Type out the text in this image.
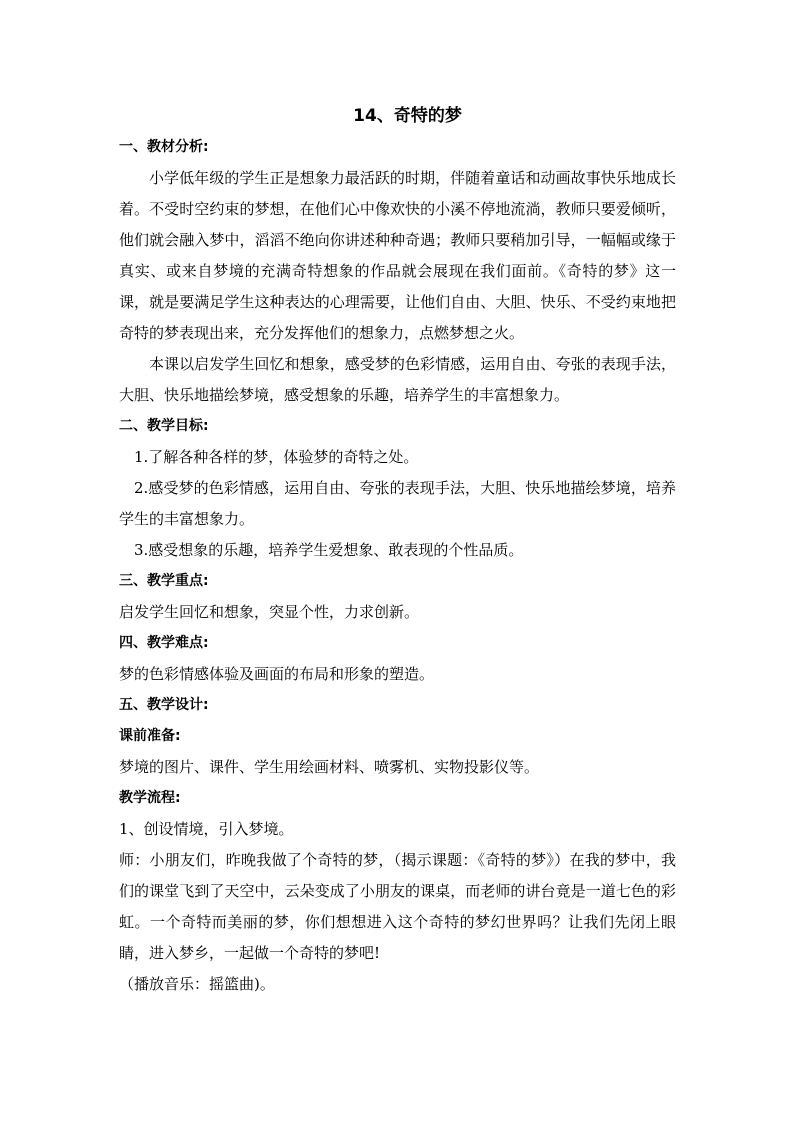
14、奇特的梦

一、教材分析:

小学低年级的学生正是想象力最活跃的时期，伴随着童话和动画故事快乐地成长着。不受时空约束的梦想，在他们心中像欢快的小溪不停地流淌，教师只要爱倾听，他们就会融入梦中，滔滔不绝向你讲述种种奇遇；教师只要稍加引导，一幅幅或缘于真实、或来自梦境的充满奇特想象的作品就会展现在我们面前。《奇特的梦》这一课，就是要满足学生这种表达的心理需要，让他们自由、大胆、快乐、不受约束地把奇特的梦表现出来，充分发挥他们的想象力，点燃梦想之火。

本课以启发学生回忆和想象，感受梦的色彩情感，运用自由、夸张的表现手法，大胆、快乐地描绘梦境，感受想象的乐趣，培养学生的丰富想象力。

二、教学目标:

1.了解各种各样的梦，体验梦的奇特之处。

2.感受梦的色彩情感，运用自由、夸张的表现手法，大胆、快乐地描绘梦境，培养学生的丰富想象力。

3.感受想象的乐趣，培养学生爱想象、敢表现的个性品质。

三、教学重点:

启发学生回忆和想象，突显个性，力求创新。

四、教学难点:

梦的色彩情感体验及画面的布局和形象的塑造。

五、教学设计:

课前准备:

梦境的图片、课件、学生用绘画材料、喷雾机、实物投影仪等。

教学流程:

1、创设情境，引入梦境。

师：小朋友们，昨晚我做了个奇特的梦，（揭示课题：《奇特的梦》）在我的梦中，我们的课堂飞到了天空中，云朵变成了小朋友的课桌，而老师的讲台竟是一道七色的彩虹。一个奇特而美丽的梦，你们想想进入这个奇特的梦幻世界吗？让我们先闭上眼睛，进入梦乡，一起做一个奇特的梦吧!

（播放音乐：摇篮曲)。
